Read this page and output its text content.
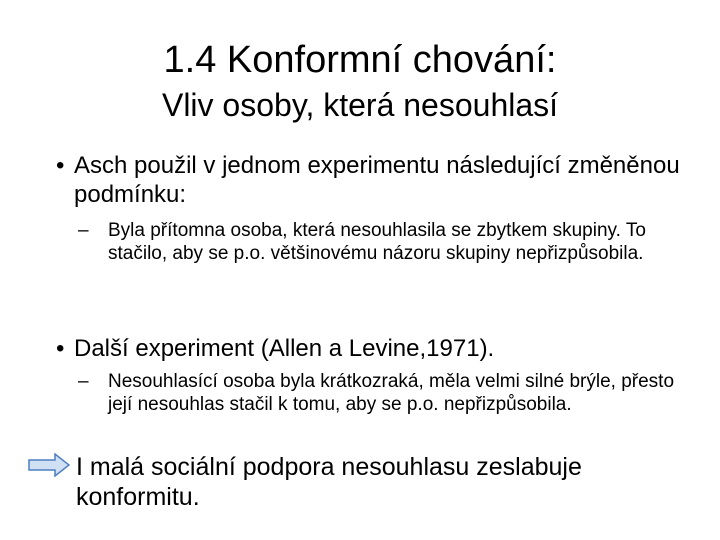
1.4 Konformní chování:
Vliv osoby, která nesouhlasí
• Asch použil v jednom experimentu následující změněnou podmínku:
– Byla přítomna osoba, která nesouhlasila se zbytkem skupiny. To stačilo, aby se p.o. většinovému názoru skupiny nepřizpůsobila.
• Další experiment (Allen a Levine,1971).
– Nesouhlasící osoba byla krátkozraká, měla velmi silné brýle, přesto její nesouhlas stačil k tomu, aby se p.o. nepřizpůsobila.
I malá sociální podpora nesouhlasu zeslabuje konformitu.
